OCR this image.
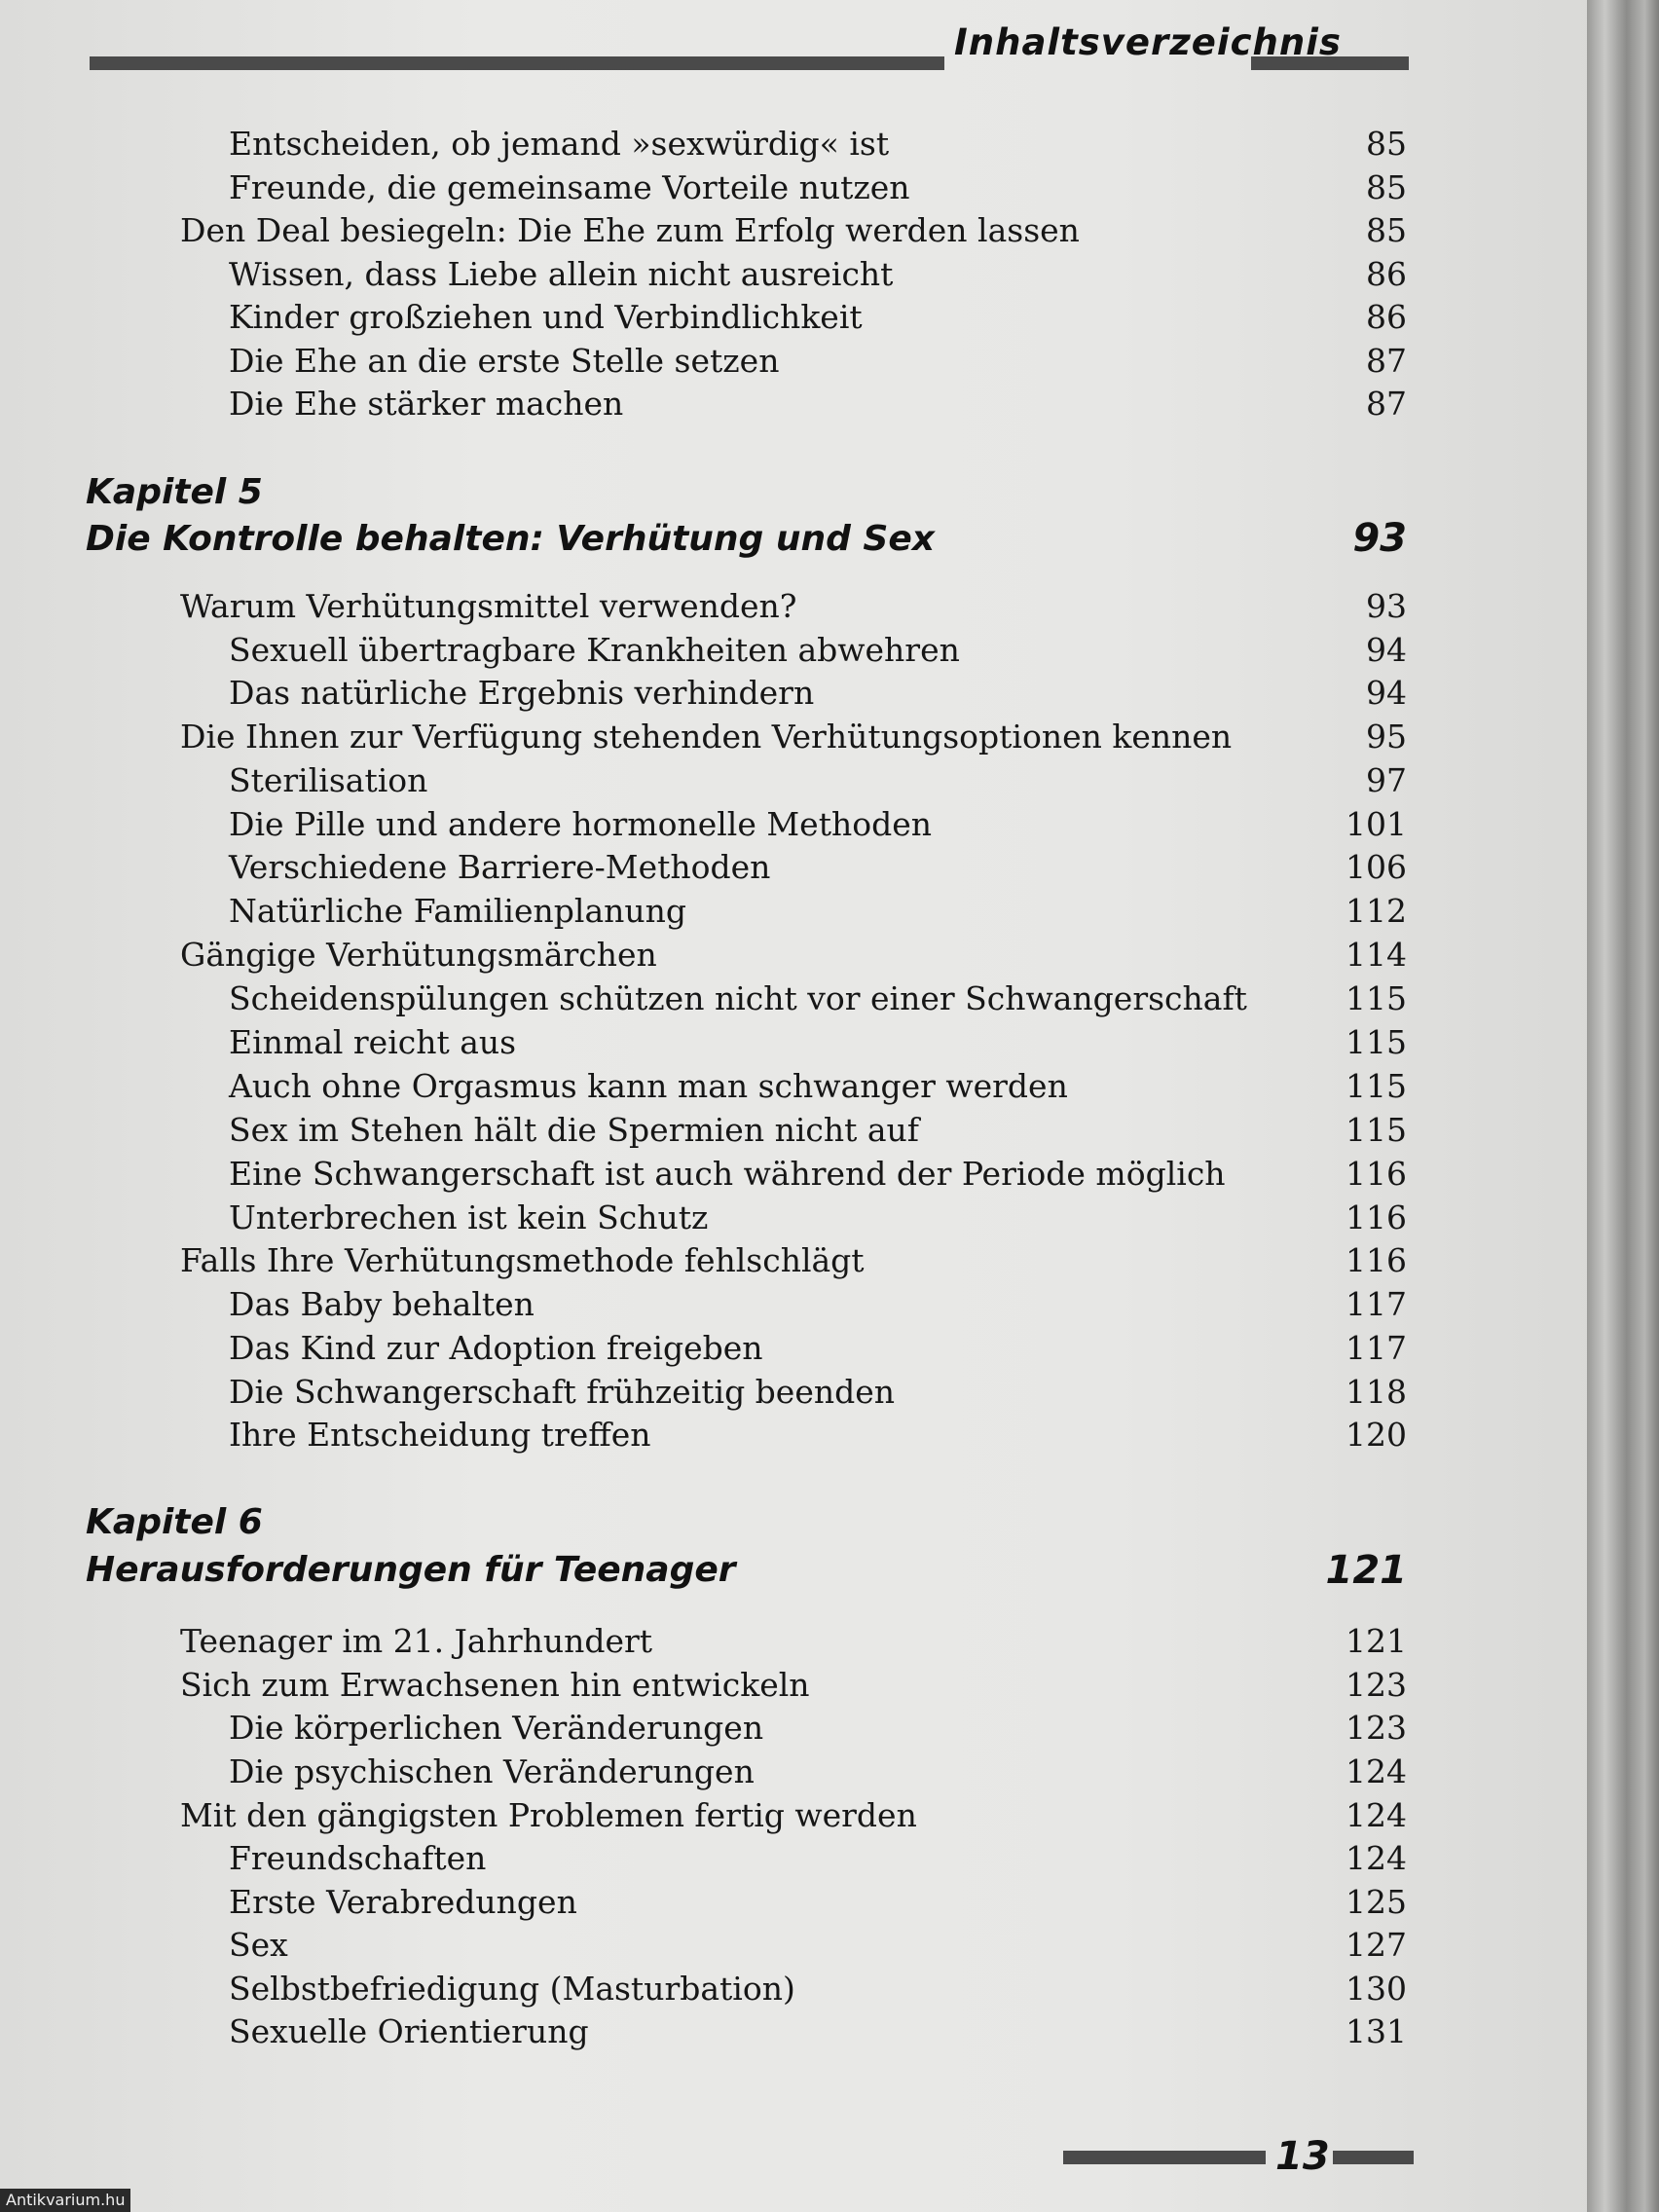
Inhaltsverzeichnis
Entscheiden, ob jemand »sexwürdig« ist	85
Freunde, die gemeinsame Vorteile nutzen	85
Den Deal besiegeln: Die Ehe zum Erfolg werden lassen	85
Wissen, dass Liebe allein nicht ausreicht	86
Kinder großziehen und Verbindlichkeit	86
Die Ehe an die erste Stelle setzen	87
Die Ehe stärker machen	87
Kapitel 5
Die Kontrolle behalten: Verhütung und Sex	93
Warum Verhütungsmittel verwenden?	93
Sexuell übertragbare Krankheiten abwehren	94
Das natürliche Ergebnis verhindern	94
Die Ihnen zur Verfügung stehenden Verhütungsoptionen kennen	95
Sterilisation	97
Die Pille und andere hormonelle Methoden	101
Verschiedene Barriere-Methoden	106
Natürliche Familienplanung	112
Gängige Verhütungsmärchen	114
Scheidenspülungen schützen nicht vor einer Schwangerschaft	115
Einmal reicht aus	115
Auch ohne Orgasmus kann man schwanger werden	115
Sex im Stehen hält die Spermien nicht auf	115
Eine Schwangerschaft ist auch während der Periode möglich	116
Unterbrechen ist kein Schutz	116
Falls Ihre Verhütungsmethode fehlschlägt	116
Das Baby behalten	117
Das Kind zur Adoption freigeben	117
Die Schwangerschaft frühzeitig beenden	118
Ihre Entscheidung treffen	120
Kapitel 6
Herausforderungen für Teenager	121
Teenager im 21. Jahrhundert	121
Sich zum Erwachsenen hin entwickeln	123
Die körperlichen Veränderungen	123
Die psychischen Veränderungen	124
Mit den gängigsten Problemen fertig werden	124
Freundschaften	124
Erste Verabredungen	125
Sex	127
Selbstbefriedigung (Masturbation)	130
Sexuelle Orientierung	131
13
Antikvarium.hu
